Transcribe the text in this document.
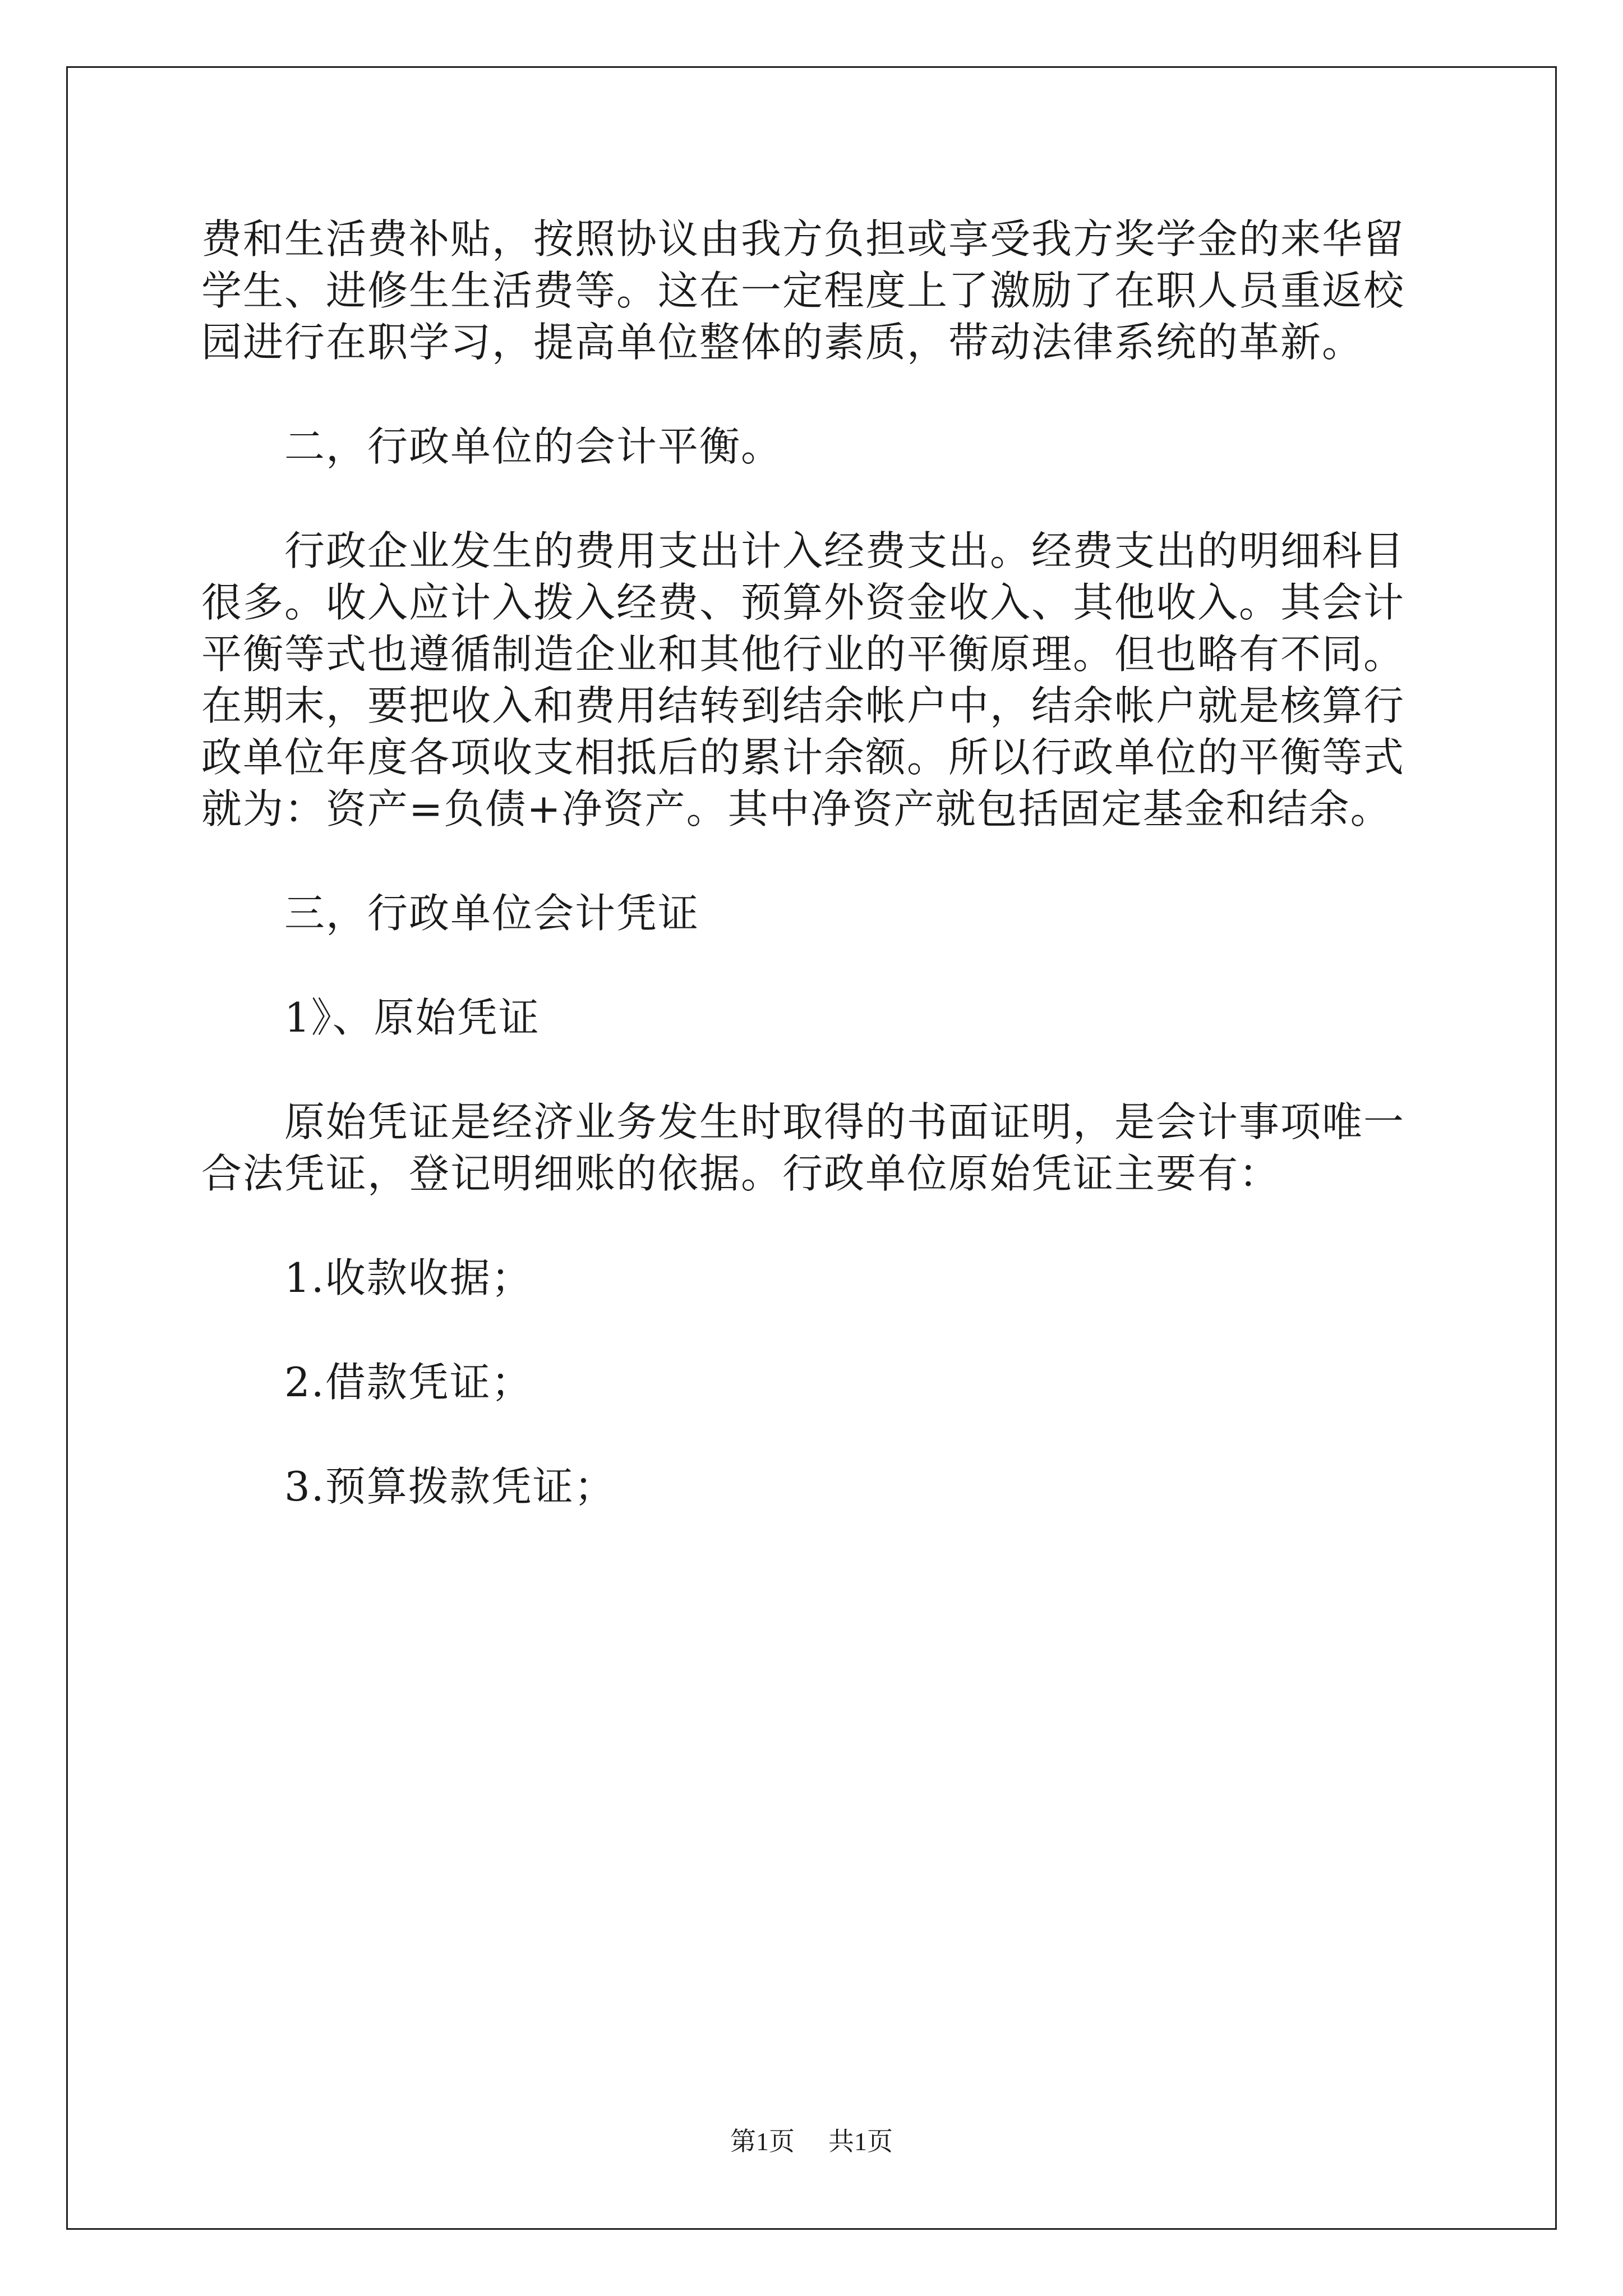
费和生活费补贴，按照协议由我方负担或享受我方奖学金的来华留学生、进修生生活费等。这在一定程度上了激励了在职人员重返校园进行在职学习，提高单位整体的素质，带动法律系统的革新。

　　二，行政单位的会计平衡。

　　行政企业发生的费用支出计入经费支出。经费支出的明细科目很多。收入应计入拨入经费、预算外资金收入、其他收入。其会计平衡等式也遵循制造企业和其他行业的平衡原理。但也略有不同。在期末，要把收入和费用结转到结余帐户中，结余帐户就是核算行政单位年度各项收支相抵后的累计余额。所以行政单位的平衡等式就为：资产=负债+净资产。其中净资产就包括固定基金和结余。

　　三，行政单位会计凭证

　　1》、原始凭证

　　原始凭证是经济业务发生时取得的书面证明，是会计事项唯一合法凭证，登记明细账的依据。行政单位原始凭证主要有：

　　1.收款收据；

　　2.借款凭证；

　　3.预算拨款凭证；

第1页 共1页
